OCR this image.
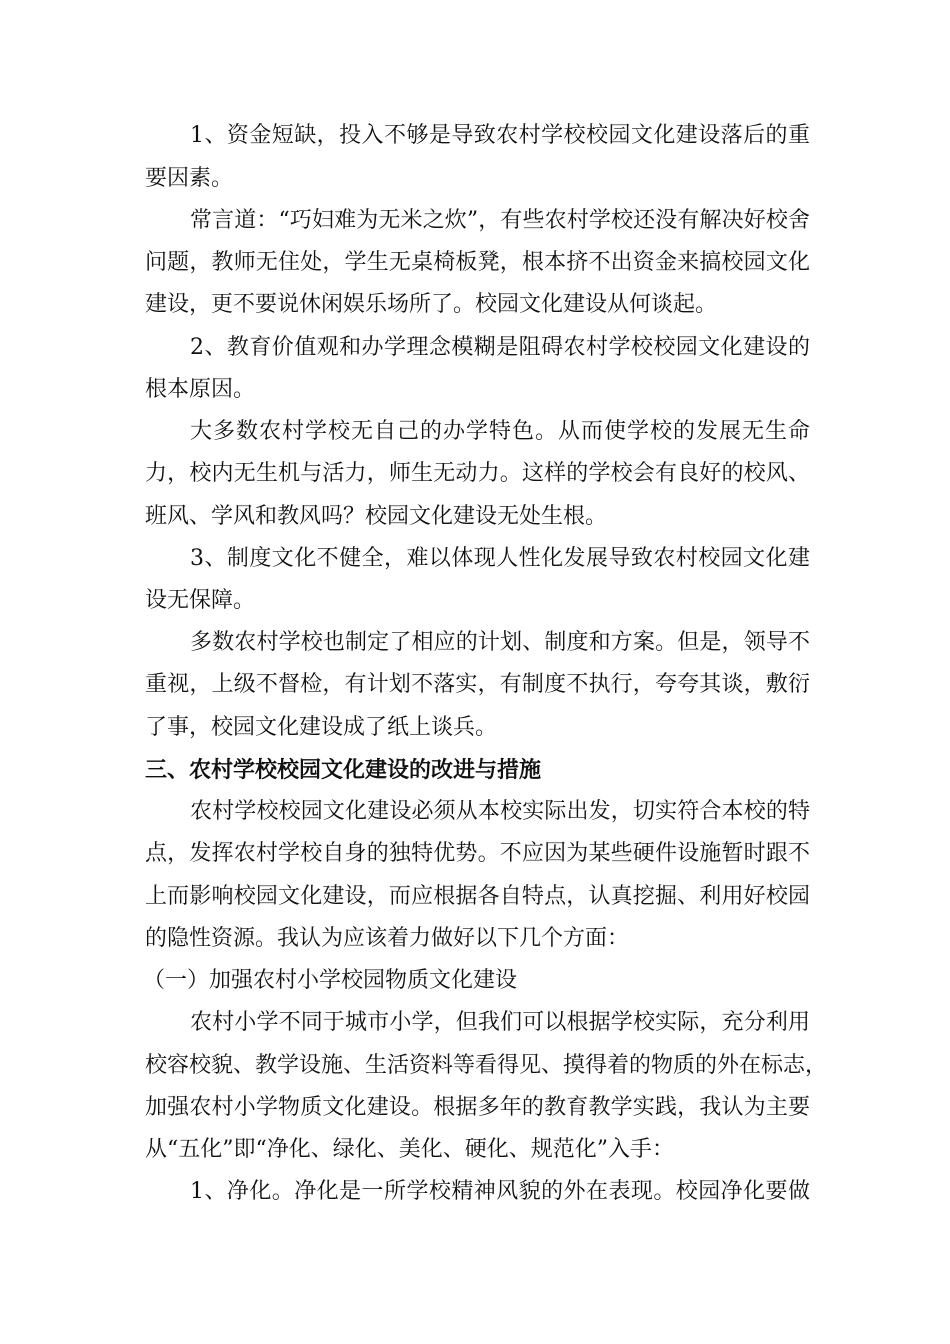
1、资金短缺，投入不够是导致农村学校校园文化建设落后的重
要因素。
常言道：“巧妇难为无米之炊”，有些农村学校还没有解决好校舍
问题，教师无住处，学生无桌椅板凳，根本挤不出资金来搞校园文化
建设，更不要说休闲娱乐场所了。校园文化建设从何谈起。
2、教育价值观和办学理念模糊是阻碍农村学校校园文化建设的
根本原因。
大多数农村学校无自己的办学特色。从而使学校的发展无生命
力，校内无生机与活力，师生无动力。这样的学校会有良好的校风、
班风、学风和教风吗？校园文化建设无处生根。
3、制度文化不健全，难以体现人性化发展导致农村校园文化建
设无保障。
多数农村学校也制定了相应的计划、制度和方案。但是，领导不
重视，上级不督检，有计划不落实，有制度不执行，夸夸其谈，敷衍
了事，校园文化建设成了纸上谈兵。
三、农村学校校园文化建设的改进与措施
农村学校校园文化建设必须从本校实际出发，切实符合本校的特
点，发挥农村学校自身的独特优势。不应因为某些硬件设施暂时跟不
上而影响校园文化建设，而应根据各自特点，认真挖掘、利用好校园
的隐性资源。我认为应该着力做好以下几个方面：
（一）加强农村小学校园物质文化建设
农村小学不同于城市小学，但我们可以根据学校实际，充分利用
校容校貌、教学设施、生活资料等看得见、摸得着的物质的外在标志，
加强农村小学物质文化建设。根据多年的教育教学实践，我认为主要
从“五化”即“净化、绿化、美化、硬化、规范化”入手：
1、净化。净化是一所学校精神风貌的外在表现。校园净化要做
